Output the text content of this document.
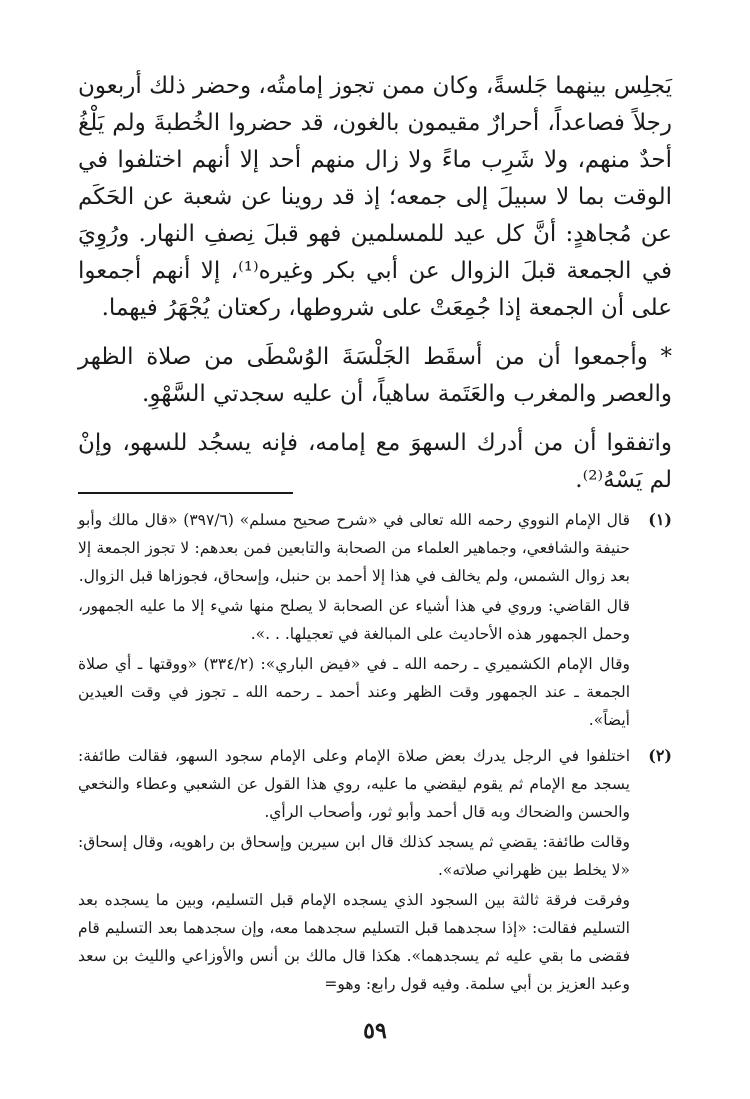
يَجلِس بينهما جَلسةً، وكان ممن تجوز إمامتُه، وحضر ذلك أربعون رجلاً فصاعداً، أحرارٌ مقيمون بالغون، قد حضروا الخُطبةَ ولم يَلْغُ أحدٌ منهم، ولا شَرِب ماءً ولا زال منهم أحد إلا أنهم اختلفوا في الوقت بما لا سبيلَ إلى جمعه؛ إذ قد روينا عن شعبة عن الحَكَم عن مُجاهدٍ: أنَّ كل عيد للمسلمين فهو قبلَ نِصفِ النهار. ورُوِيَ في الجمعة قبلَ الزوال عن أبي بكر وغيره⁽¹⁾، إلا أنهم أجمعوا على أن الجمعة إذا جُمِعَتْ على شروطها، ركعتان يُجْهَرُ فيهما.

* وأجمعوا أن من أسقَط الجَلْسَةَ الوُسْطَى من صلاة الظهر والعصر والمغرب والعَتَمة ساهياً، أن عليه سجدتي السَّهْوِ.

واتفقوا أن من أدرك السهوَ مع إمامه، فإنه يسجُد للسهو، وإنْ لم يَسْهُ⁽²⁾.

(١)

قال الإمام النووي رحمه الله تعالى في «شرح صحيح مسلم» (٣٩٧/٦) «قال مالك وأبو حنيفة والشافعي، وجماهير العلماء من الصحابة والتابعين فمن بعدهم: لا تجوز الجمعة إلا بعد زوال الشمس، ولم يخالف في هذا إلا أحمد بن حنبل، وإسحاق، فجوزاها قبل الزوال.

قال القاضي: وروي في هذا أشياء عن الصحابة لا يصلح منها شيء إلا ما عليه الجمهور، وحمل الجمهور هذه الأحاديث على المبالغة في تعجيلها. . .».

وقال الإمام الكشميري ـ رحمه الله ـ في «فيض الباري»: (٣٣٤/٢) «ووقتها ـ أي صلاة الجمعة ـ عند الجمهور وقت الظهر وعند أحمد ـ رحمه الله ـ تجوز في وقت العيدين أيضاً».

(٢)

اختلفوا في الرجل يدرك بعض صلاة الإمام وعلى الإمام سجود السهو، فقالت طائفة: يسجد مع الإمام ثم يقوم ليقضي ما عليه، روي هذا القول عن الشعبي وعطاء والنخعي والحسن والضحاك وبه قال أحمد وأبو ثور، وأصحاب الرأي.

وقالت طائفة: يقضي ثم يسجد كذلك قال ابن سيرين وإسحاق بن راهويه، وقال إسحاق: «لا يخلط بين ظهراني صلاته».

وفرقت فرقة ثالثة بين السجود الذي يسجده الإمام قبل التسليم، وبين ما يسجده بعد التسليم فقالت: «إذا سجدهما قبل التسليم سجدهما معه، وإن سجدهما بعد التسليم قام فقضى ما بقي عليه ثم يسجدهما». هكذا قال مالك بن أنس والأوزاعي والليث بن سعد وعبد العزيز بن أبي سلمة. وفيه قول رابع: وهو=

٥٩
